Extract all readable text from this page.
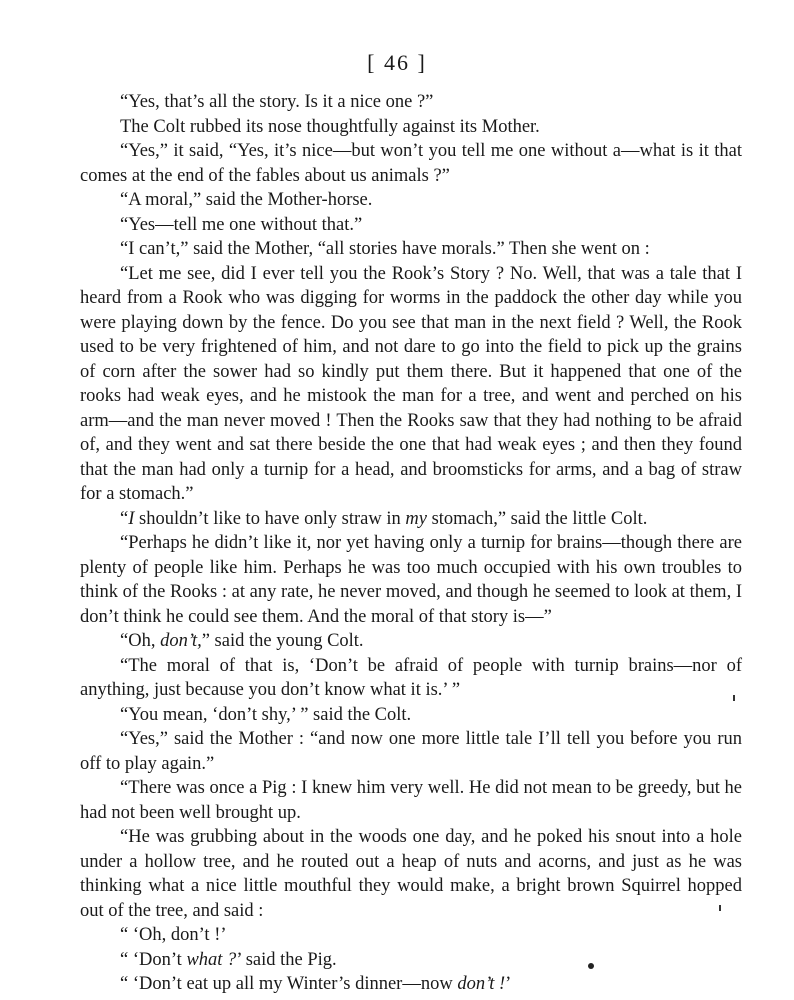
[ 46 ]

“Yes, that’s all the story. Is it a nice one ?”

The Colt rubbed its nose thoughtfully against its Mother.

“Yes,” it said, “Yes, it’s nice—but won’t you tell me one without a—what is it that comes at the end of the fables about us animals ?”

“A moral,” said the Mother-horse.

“Yes—tell me one without that.”

“I can’t,” said the Mother, “all stories have morals.” Then she went on :

“Let me see, did I ever tell you the Rook’s Story ? No. Well, that was a tale that I heard from a Rook who was digging for worms in the paddock the other day while you were playing down by the fence. Do you see that man in the next field ? Well, the Rook used to be very frightened of him, and not dare to go into the field to pick up the grains of corn after the sower had so kindly put them there. But it happened that one of the rooks had weak eyes, and he mistook the man for a tree, and went and perched on his arm—and the man never moved ! Then the Rooks saw that they had nothing to be afraid of, and they went and sat there beside the one that had weak eyes ; and then they found that the man had only a turnip for a head, and broomsticks for arms, and a bag of straw for a stomach.”

“I shouldn’t like to have only straw in my stomach,” said the little Colt.

“Perhaps he didn’t like it, nor yet having only a turnip for brains—though there are plenty of people like him. Perhaps he was too much occupied with his own troubles to think of the Rooks : at any rate, he never moved, and though he seemed to look at them, I don’t think he could see them. And the moral of that story is—”

“Oh, don’t,” said the young Colt.

“The moral of that is, ‘Don’t be afraid of people with turnip brains—nor of anything, just because you don’t know what it is.’ ”

“You mean, ‘don’t shy,’ ” said the Colt.

“Yes,” said the Mother : “and now one more little tale I’ll tell you before you run off to play again.”

“There was once a Pig : I knew him very well. He did not mean to be greedy, but he had not been well brought up.

“He was grubbing about in the woods one day, and he poked his snout into a hole under a hollow tree, and he routed out a heap of nuts and acorns, and just as he was thinking what a nice little mouthful they would make, a bright brown Squirrel hopped out of the tree, and said :

“ ‘Oh, don’t !’

“ ‘Don’t what ?’ said the Pig.

“ ‘Don’t eat up all my Winter’s dinner—now don’t !’
